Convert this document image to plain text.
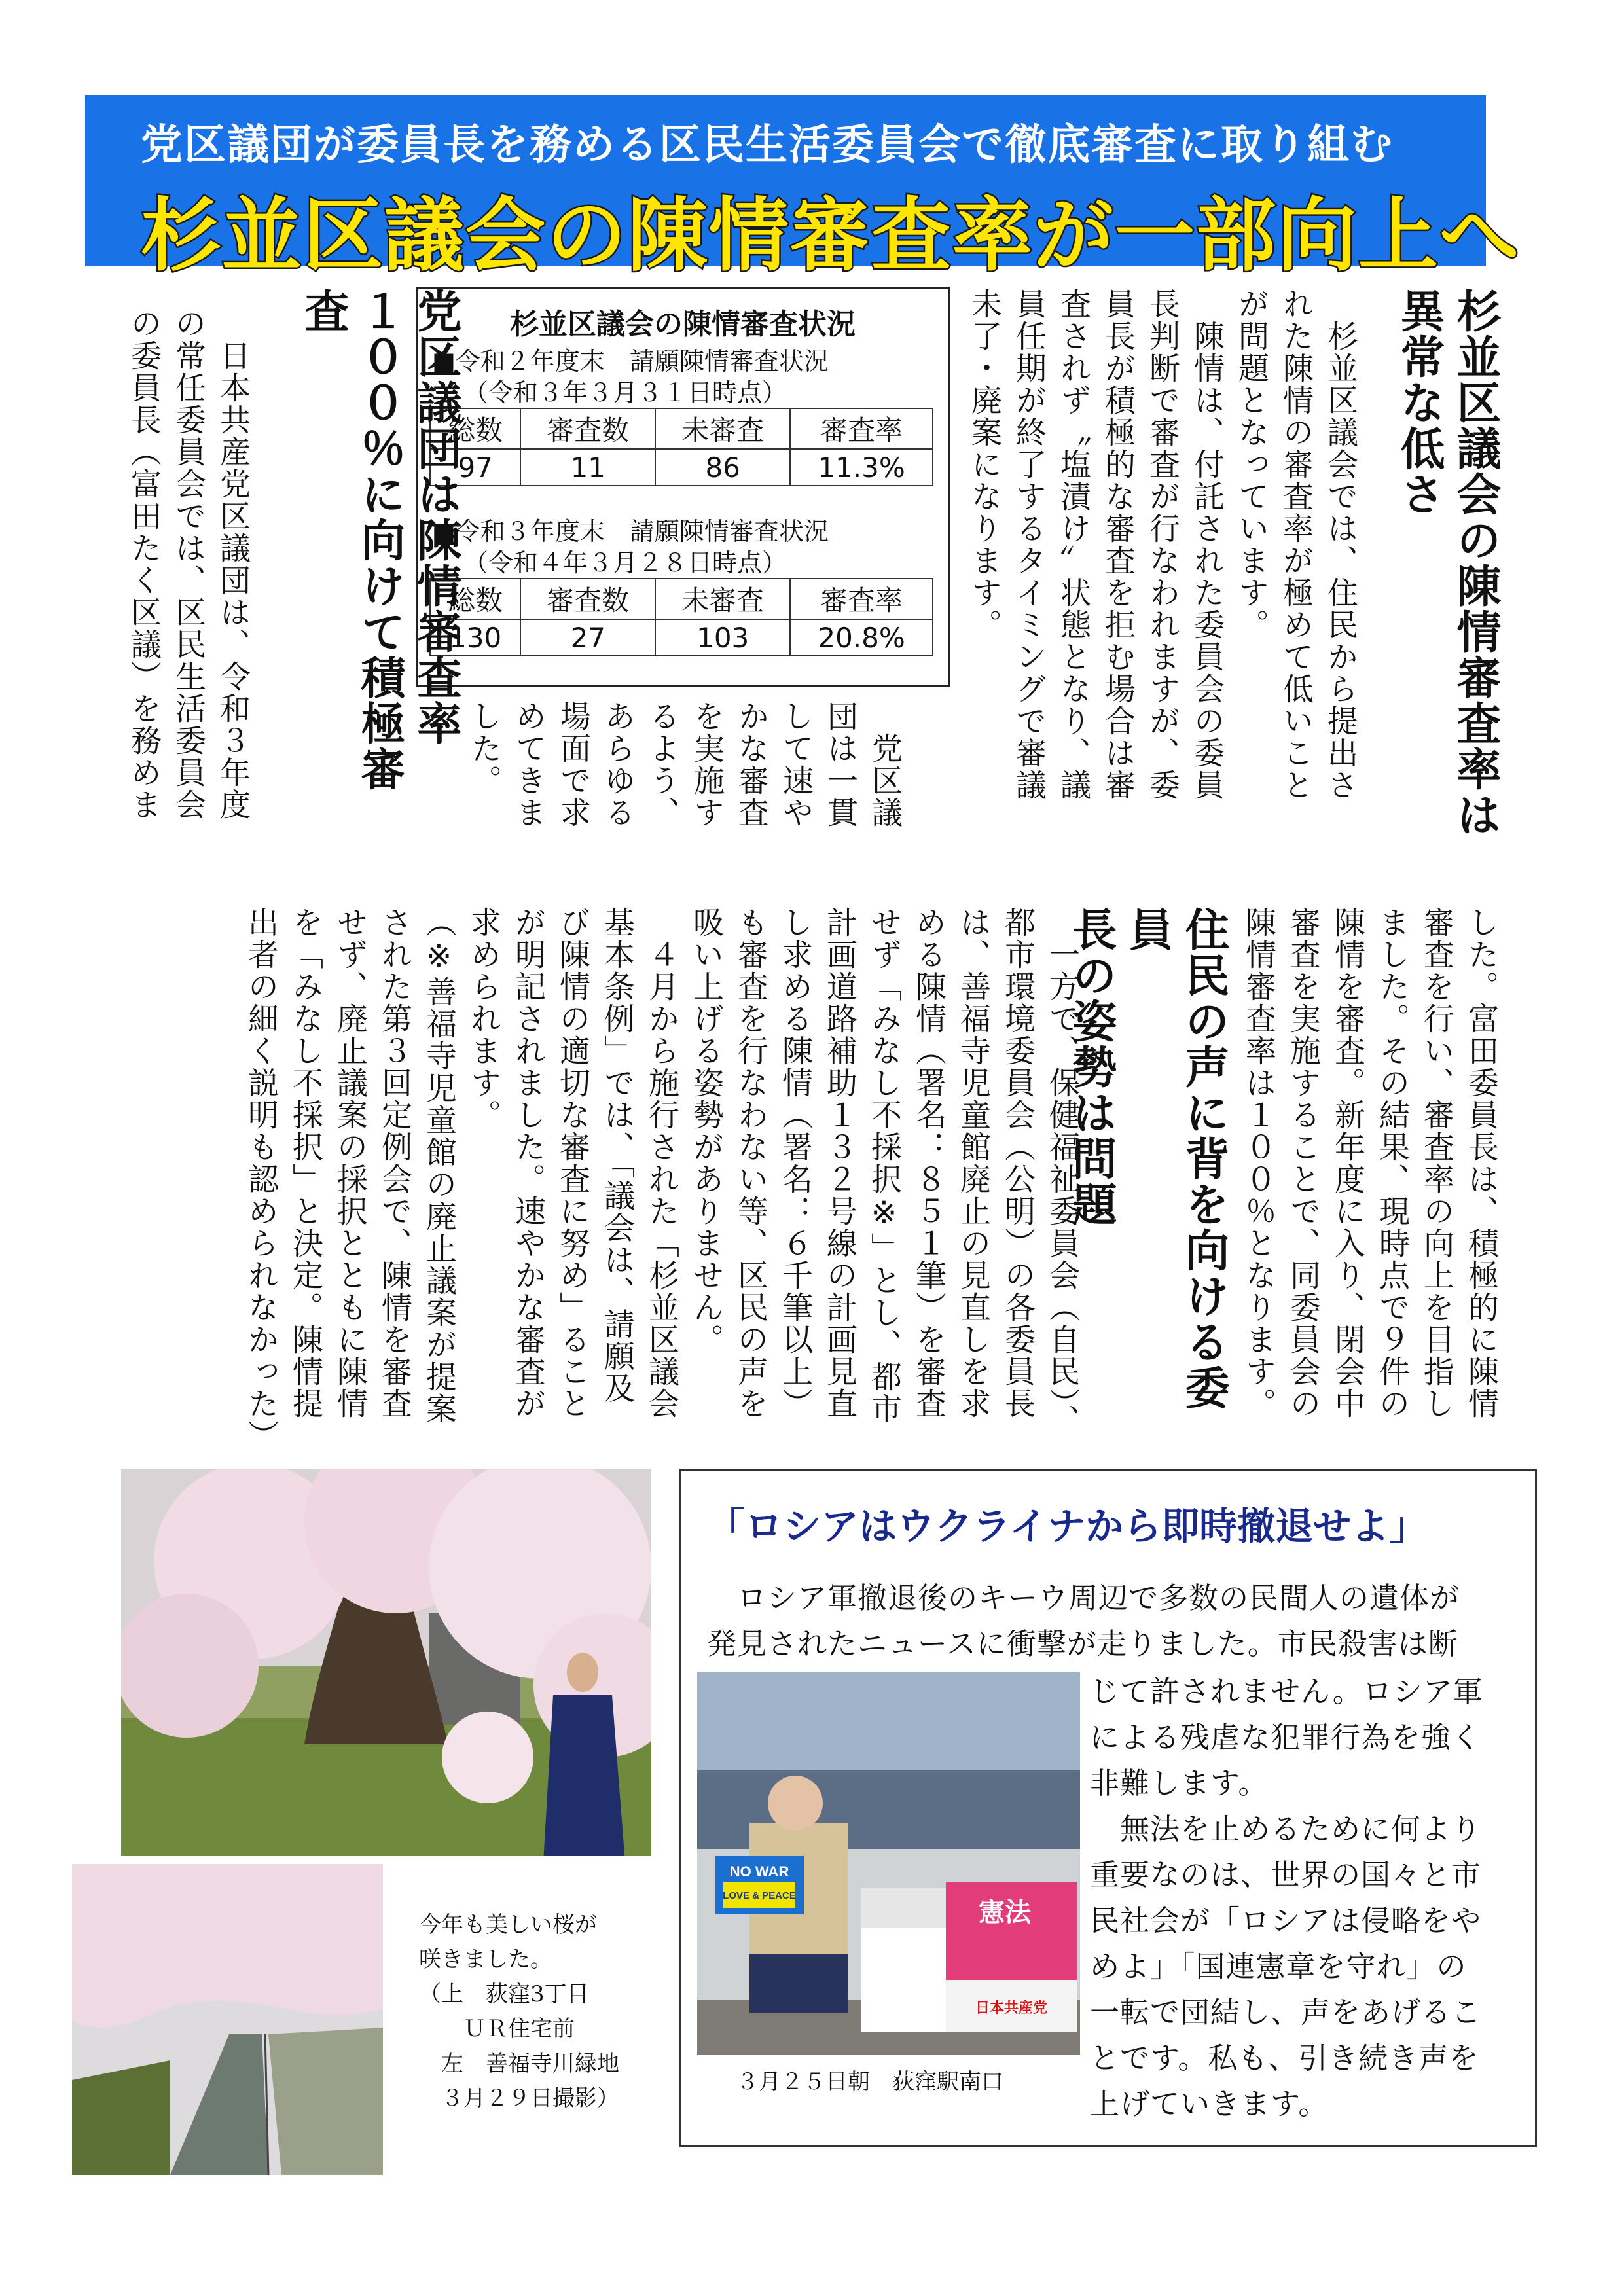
党区議団が委員長を務める区民生活委員会で徹底審査に取り組む
杉並区議会の陳情審査率が一部向上へ
杉並区議会の陳情審査率は
異常な低さ
　杉並区議会では、住民から提出さ
れた陳情の審査率が極めて低いこと
が問題となっています。
　陳情は、付託された委員会の委員
長判断で審査が行なわれますが、委
員長が積極的な審査を拒む場合は審
査されず〝塩漬け〟状態となり、議
員任期が終了するタイミングで審議
未了・廃案になります。
杉並区議会の陳情審査状況
■令和２年度末　請願陳情審査状況
（令和３年３月３１日時点）
総数	審査数	未審査	審査率
97	11	86	11.3%
■令和３年度末　請願陳情審査状況
（令和４年３月２８日時点）
総数	審査数	未審査	審査率
130	27	103	20.8%
　党区議
団は一貫
して速や
かな審査
を実施す
るよう、
あらゆる
場面で求
めてきま
した。
党区議団は陳情審査率
１００％に向けて積極審査
　日本共産党区議団は、令和３年度
の常任委員会では、区民生活委員会
の委員長（富田たく区議）を務めま
した。富田委員長は、積極的に陳情
審査を行い、審査率の向上を目指し
ました。その結果、現時点で９件の
陳情を審査。新年度に入り、閉会中
審査を実施することで、同委員会の
陳情審査率は１００％となります。
住民の声に背を向ける委員
長の姿勢は問題
　一方で、保健福祉委員会（自民）、
都市環境委員会（公明）の各委員長
は、善福寺児童館廃止の見直しを求
める陳情（署名：８５１筆）を審査
せず「みなし不採択※」とし、都市
計画道路補助１３２号線の計画見直
し求める陳情（署名：６千筆以上）
も審査を行なわない等、区民の声を
吸い上げる姿勢がありません。
　４月から施行された「杉並区議会
基本条例」では、「議会は、請願及
び陳情の適切な審査に努め」ること
が明記されました。速やかな審査が
求められます。
（※善福寺児童館の廃止議案が提案
された第３回定例会で、陳情を審査
せず、廃止議案の採択とともに陳情
を「みなし不採択」と決定。陳情提
出者の細く説明も認められなかった）
今年も美しい桜が
咲きました。
（上　荻窪3丁目
　　ＵＲ住宅前
　左　善福寺川緑地
　３月２９日撮影）
「ロシアはウクライナから即時撤退せよ」
　ロシア軍撤退後のキーウ周辺で多数の民間人の遺体が
発見されたニュースに衝撃が走りました。市民殺害は断
じて許されません。ロシア軍
による残虐な犯罪行為を強く
非難します。
　無法を止めるために何より
重要なのは、世界の国々と市
民社会が「ロシアは侵略をや
めよ」「国連憲章を守れ」の
一転で団結し、声をあげるこ
とです。私も、引き続き声を
上げていきます。
NO WAR
LOVE & PEACE
憲法
日本共産党
３月２５日朝　荻窪駅南口
